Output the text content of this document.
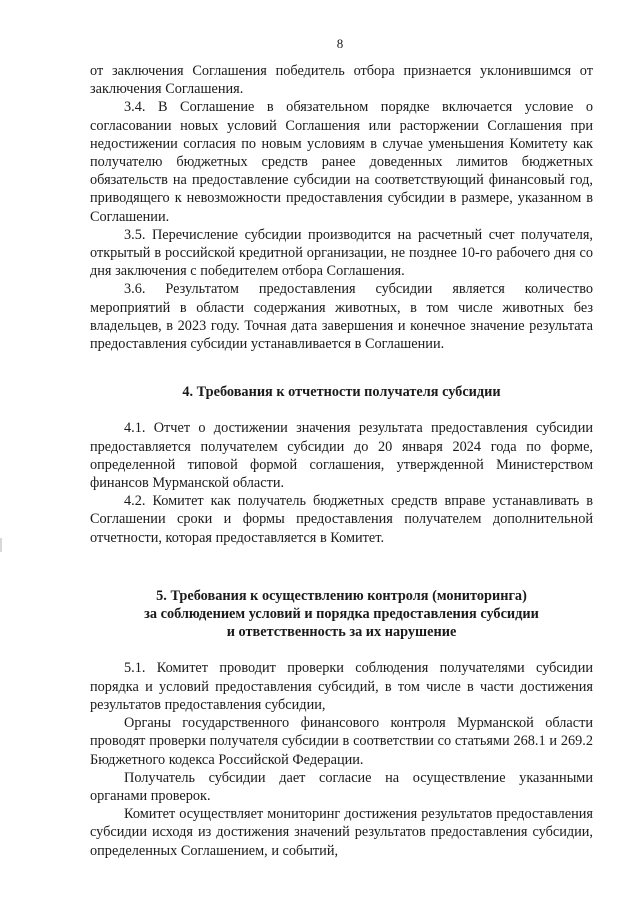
8

от заключения Соглашения победитель отбора признается уклонившимся от заключения Соглашения.

3.4. В Соглашение в обязательном порядке включается условие о согласовании новых условий Соглашения или расторжении Соглашения при недостижении согласия по новым условиям в случае уменьшения Комитету как получателю бюджетных средств ранее доведенных лимитов бюджетных обязательств на предоставление субсидии на соответствующий финансовый год, приводящего к невозможности предоставления субсидии в размере, указанном в Соглашении.

3.5. Перечисление субсидии производится на расчетный счет получателя, открытый в российской кредитной организации, не позднее 10-го рабочего дня со дня заключения с победителем отбора Соглашения.

3.6. Результатом предоставления субсидии является количество мероприятий в области содержания животных, в том числе животных без владельцев, в 2023 году. Точная дата завершения и конечное значение результата предоставления субсидии устанавливается в Соглашении.

4. Требования к отчетности получателя субсидии

4.1. Отчет о достижении значения результата предоставления субсидии предоставляется получателем субсидии до 20 января 2024 года по форме, определенной типовой формой соглашения, утвержденной Министерством финансов Мурманской области.

4.2. Комитет как получатель бюджетных средств вправе устанавливать в Соглашении сроки и формы предоставления получателем дополнительной отчетности, которая предоставляется в Комитет.

5. Требования к осуществлению контроля (мониторинга)
за соблюдением условий и порядка предоставления субсидии
и ответственность за их нарушение

5.1. Комитет проводит проверки соблюдения получателями субсидии порядка и условий предоставления субсидий, в том числе в части достижения результатов предоставления субсидии,

Органы государственного финансового контроля Мурманской области проводят проверки получателя субсидии в соответствии со статьями 268.1 и 269.2 Бюджетного кодекса Российской Федерации.

Получатель субсидии дает согласие на осуществление указанными органами проверок.

Комитет осуществляет мониторинг достижения результатов предоставления субсидии исходя из достижения значений результатов предоставления субсидии, определенных Соглашением, и событий,
